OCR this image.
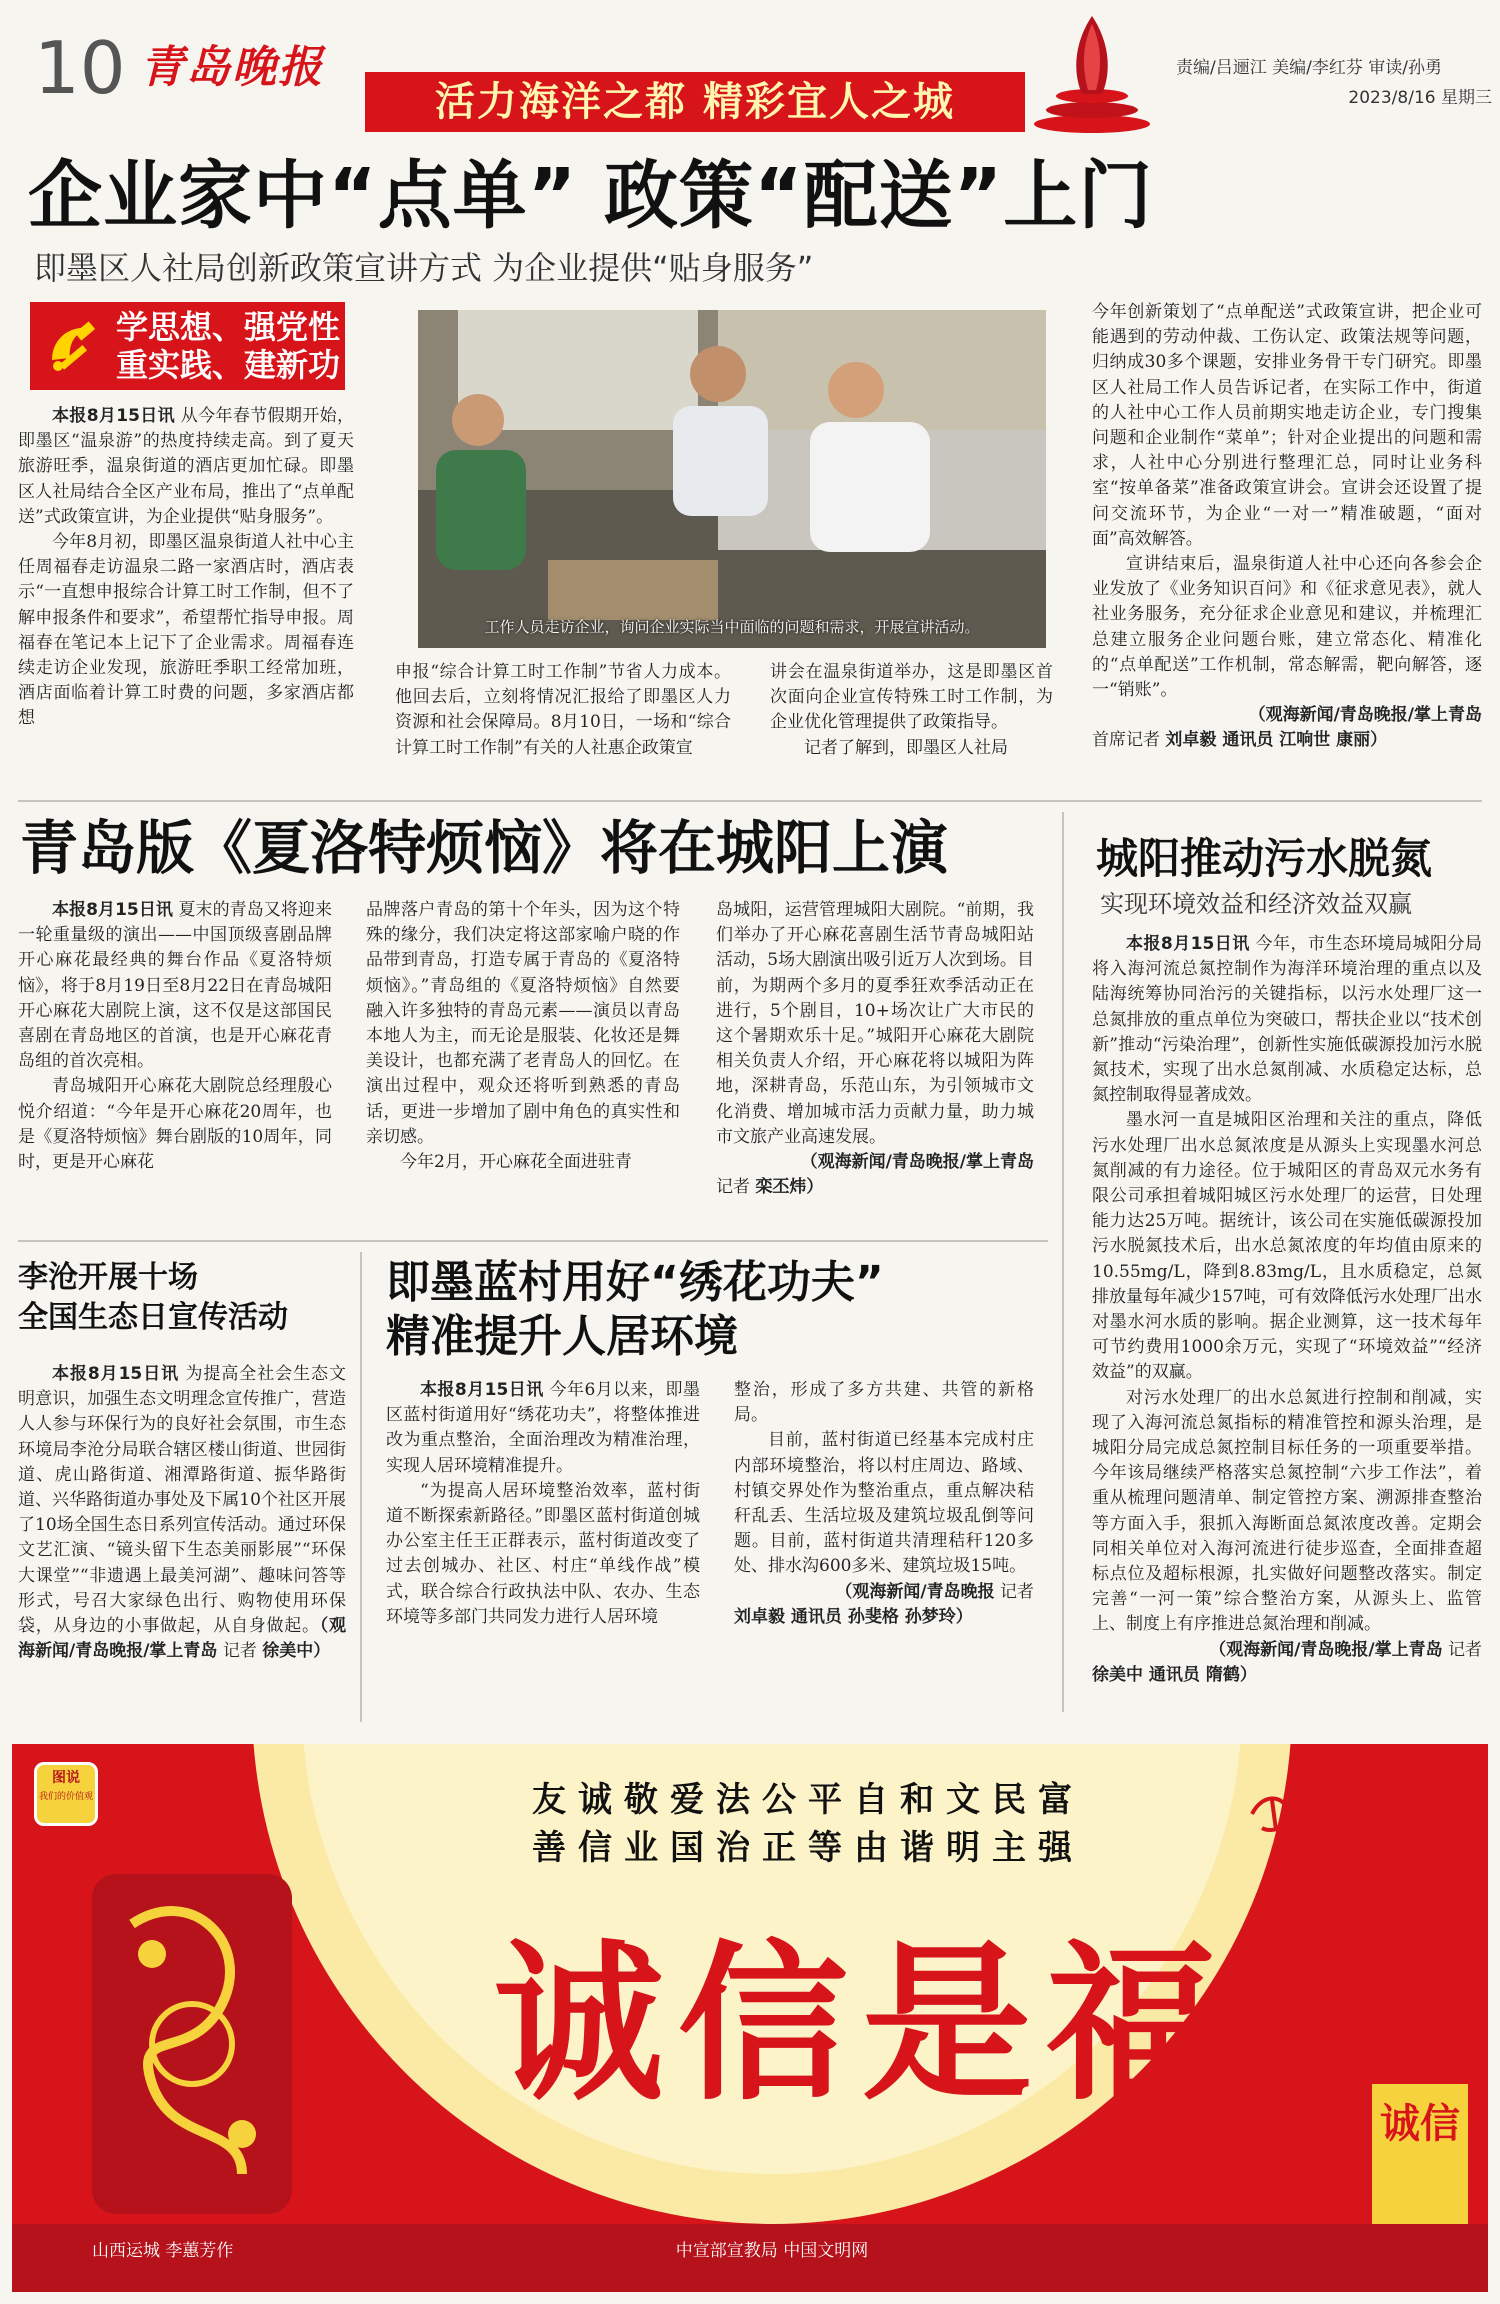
10 青岛晚报
活力海洋之都 精彩宜人之城
责编/吕逦江 美编/李红芬 审读/孙勇
2023/8/16 星期三
企业家中“点单” 政策“配送”上门
即墨区人社局创新政策宣讲方式 为企业提供“贴身服务”
学思想、强党性
重实践、建新功

本报8月15日讯 从今年春节假期开始，即墨区“温泉游”的热度持续走高。到了夏天旅游旺季，温泉街道的酒店更加忙碌。即墨区人社局结合全区产业布局，推出了“点单配送”式政策宣讲，为企业提供“贴身服务”。

今年8月初，即墨区温泉街道人社中心主任周福春走访温泉二路一家酒店时，酒店表示“一直想申报综合计算工时工作制，但不了解申报条件和要求”，希望帮忙指导申报。周福春在笔记本上记下了企业需求。周福春连续走访企业发现，旅游旺季职工经常加班，酒店面临着计算工时费的问题，多家酒店都想

工作人员走访企业，询问企业实际当中面临的问题和需求，开展宣讲活动。

申报“综合计算工时工作制”节省人力成本。他回去后，立刻将情况汇报给了即墨区人力资源和社会保障局。8月10日，一场和“综合计算工时工作制”有关的人社惠企政策宣

讲会在温泉街道举办，这是即墨区首次面向企业宣传特殊工时工作制，为企业优化管理提供了政策指导。

记者了解到，即墨区人社局

今年创新策划了“点单配送”式政策宣讲，把企业可能遇到的劳动仲裁、工伤认定、政策法规等问题，归纳成30多个课题，安排业务骨干专门研究。即墨区人社局工作人员告诉记者，在实际工作中，街道的人社中心工作人员前期实地走访企业，专门搜集问题和企业制作“菜单”；针对企业提出的问题和需求，人社中心分别进行整理汇总，同时让业务科室“按单备菜”准备政策宣讲会。宣讲会还设置了提问交流环节，为企业“一对一”精准破题，“面对面”高效解答。

宣讲结束后，温泉街道人社中心还向各参会企业发放了《业务知识百问》和《征求意见表》，就人社业务服务，充分征求企业意见和建议，并梳理汇总建立服务企业问题台账，建立常态化、精准化的“点单配送”工作机制，常态解需，靶向解答，逐一“销账”。

（观海新闻/青岛晚报/掌上青岛

首席记者 刘卓毅 通讯员 江响世 康丽）

青岛版《夏洛特烦恼》将在城阳上演

本报8月15日讯 夏末的青岛又将迎来一轮重量级的演出——中国顶级喜剧品牌开心麻花最经典的舞台作品《夏洛特烦恼》，将于8月19日至8月22日在青岛城阳开心麻花大剧院上演，这不仅是这部国民喜剧在青岛地区的首演，也是开心麻花青岛组的首次亮相。

青岛城阳开心麻花大剧院总经理殷心悦介绍道：“今年是开心麻花20周年，也是《夏洛特烦恼》舞台剧版的10周年，同时，更是开心麻花

品牌落户青岛的第十个年头，因为这个特殊的缘分，我们决定将这部家喻户晓的作品带到青岛，打造专属于青岛的《夏洛特烦恼》。”青岛组的《夏洛特烦恼》自然要融入许多独特的青岛元素——演员以青岛本地人为主，而无论是服装、化妆还是舞美设计，也都充满了老青岛人的回忆。在演出过程中，观众还将听到熟悉的青岛话，更进一步增加了剧中角色的真实性和亲切感。

今年2月，开心麻花全面进驻青

岛城阳，运营管理城阳大剧院。“前期，我们举办了开心麻花喜剧生活节青岛城阳站活动，5场大剧演出吸引近万人次到场。目前，为期两个多月的夏季狂欢季活动正在进行，5个剧目，10+场次让广大市民的这个暑期欢乐十足。”城阳开心麻花大剧院相关负责人介绍，开心麻花将以城阳为阵地，深耕青岛，乐范山东，为引领城市文化消费、增加城市活力贡献力量，助力城市文旅产业高速发展。

（观海新闻/青岛晚报/掌上青岛

记者 栾丕炜）

城阳推动污水脱氮
实现环境效益和经济效益双赢

本报8月15日讯 今年，市生态环境局城阳分局将入海河流总氮控制作为海洋环境治理的重点以及陆海统筹协同治污的关键指标，以污水处理厂这一总氮排放的重点单位为突破口，帮扶企业以“技术创新”推动“污染治理”，创新性实施低碳源投加污水脱氮技术，实现了出水总氮削减、水质稳定达标，总氮控制取得显著成效。

墨水河一直是城阳区治理和关注的重点，降低污水处理厂出水总氮浓度是从源头上实现墨水河总氮削减的有力途径。位于城阳区的青岛双元水务有限公司承担着城阳城区污水处理厂的运营，日处理能力达25万吨。据统计，该公司在实施低碳源投加污水脱氮技术后，出水总氮浓度的年均值由原来的10.55mg/L，降到8.83mg/L，且水质稳定，总氮排放量每年减少157吨，可有效降低污水处理厂出水对墨水河水质的影响。据企业测算，这一技术每年可节约费用1000余万元，实现了“环境效益”“经济效益”的双赢。

对污水处理厂的出水总氮进行控制和削减，实现了入海河流总氮指标的精准管控和源头治理，是城阳分局完成总氮控制目标任务的一项重要举措。今年该局继续严格落实总氮控制“六步工作法”，着重从梳理问题清单、制定管控方案、溯源排查整治等方面入手，狠抓入海断面总氮浓度改善。定期会同相关单位对入海河流进行徒步巡查，全面排查超标点位及超标根源，扎实做好问题整改落实。制定完善“一河一策”综合整治方案，从源头上、监管上、制度上有序推进总氮治理和削减。

（观海新闻/青岛晚报/掌上青岛 记者

徐美中 通讯员 隋鹤）

李沧开展十场
全国生态日宣传活动

本报8月15日讯 为提高全社会生态文明意识，加强生态文明理念宣传推广，营造人人参与环保行为的良好社会氛围，市生态环境局李沧分局联合辖区楼山街道、世园街道、虎山路街道、湘潭路街道、振华路街道、兴华路街道办事处及下属10个社区开展了10场全国生态日系列宣传活动。通过环保文艺汇演、“镜头留下生态美丽影展”“环保大课堂”“非遗遇上最美河湖”、趣味问答等形式，号召大家绿色出行、购物使用环保袋，从身边的小事做起，从自身做起。（观海新闻/青岛晚报/掌上青岛 记者 徐美中）

即墨蓝村用好“绣花功夫”
精准提升人居环境

本报8月15日讯 今年6月以来，即墨区蓝村街道用好“绣花功夫”，将整体推进改为重点整治，全面治理改为精准治理，实现人居环境精准提升。

“为提高人居环境整治效率，蓝村街道不断探索新路径。”即墨区蓝村街道创城办公室主任王正群表示，蓝村街道改变了过去创城办、社区、村庄“单线作战”模式，联合综合行政执法中队、农办、生态环境等多部门共同发力进行人居环境

整治，形成了多方共建、共管的新格局。

目前，蓝村街道已经基本完成村庄内部环境整治，将以村庄周边、路域、村镇交界处作为整治重点，重点解决秸秆乱丢、生活垃圾及建筑垃圾乱倒等问题。目前，蓝村街道共清理秸秆120多处、排水沟600多米、建筑垃圾15吨。

（观海新闻/青岛晚报 记者

刘卓毅 通讯员 孙斐格 孙梦玲）

图说
我们的价值观
诚信
友诚敬爱法公平自和文民富
善信业国治正等由谐明主强
诚信是福
山西运城 李蕙芳作	中宣部宣教局 中国文明网
